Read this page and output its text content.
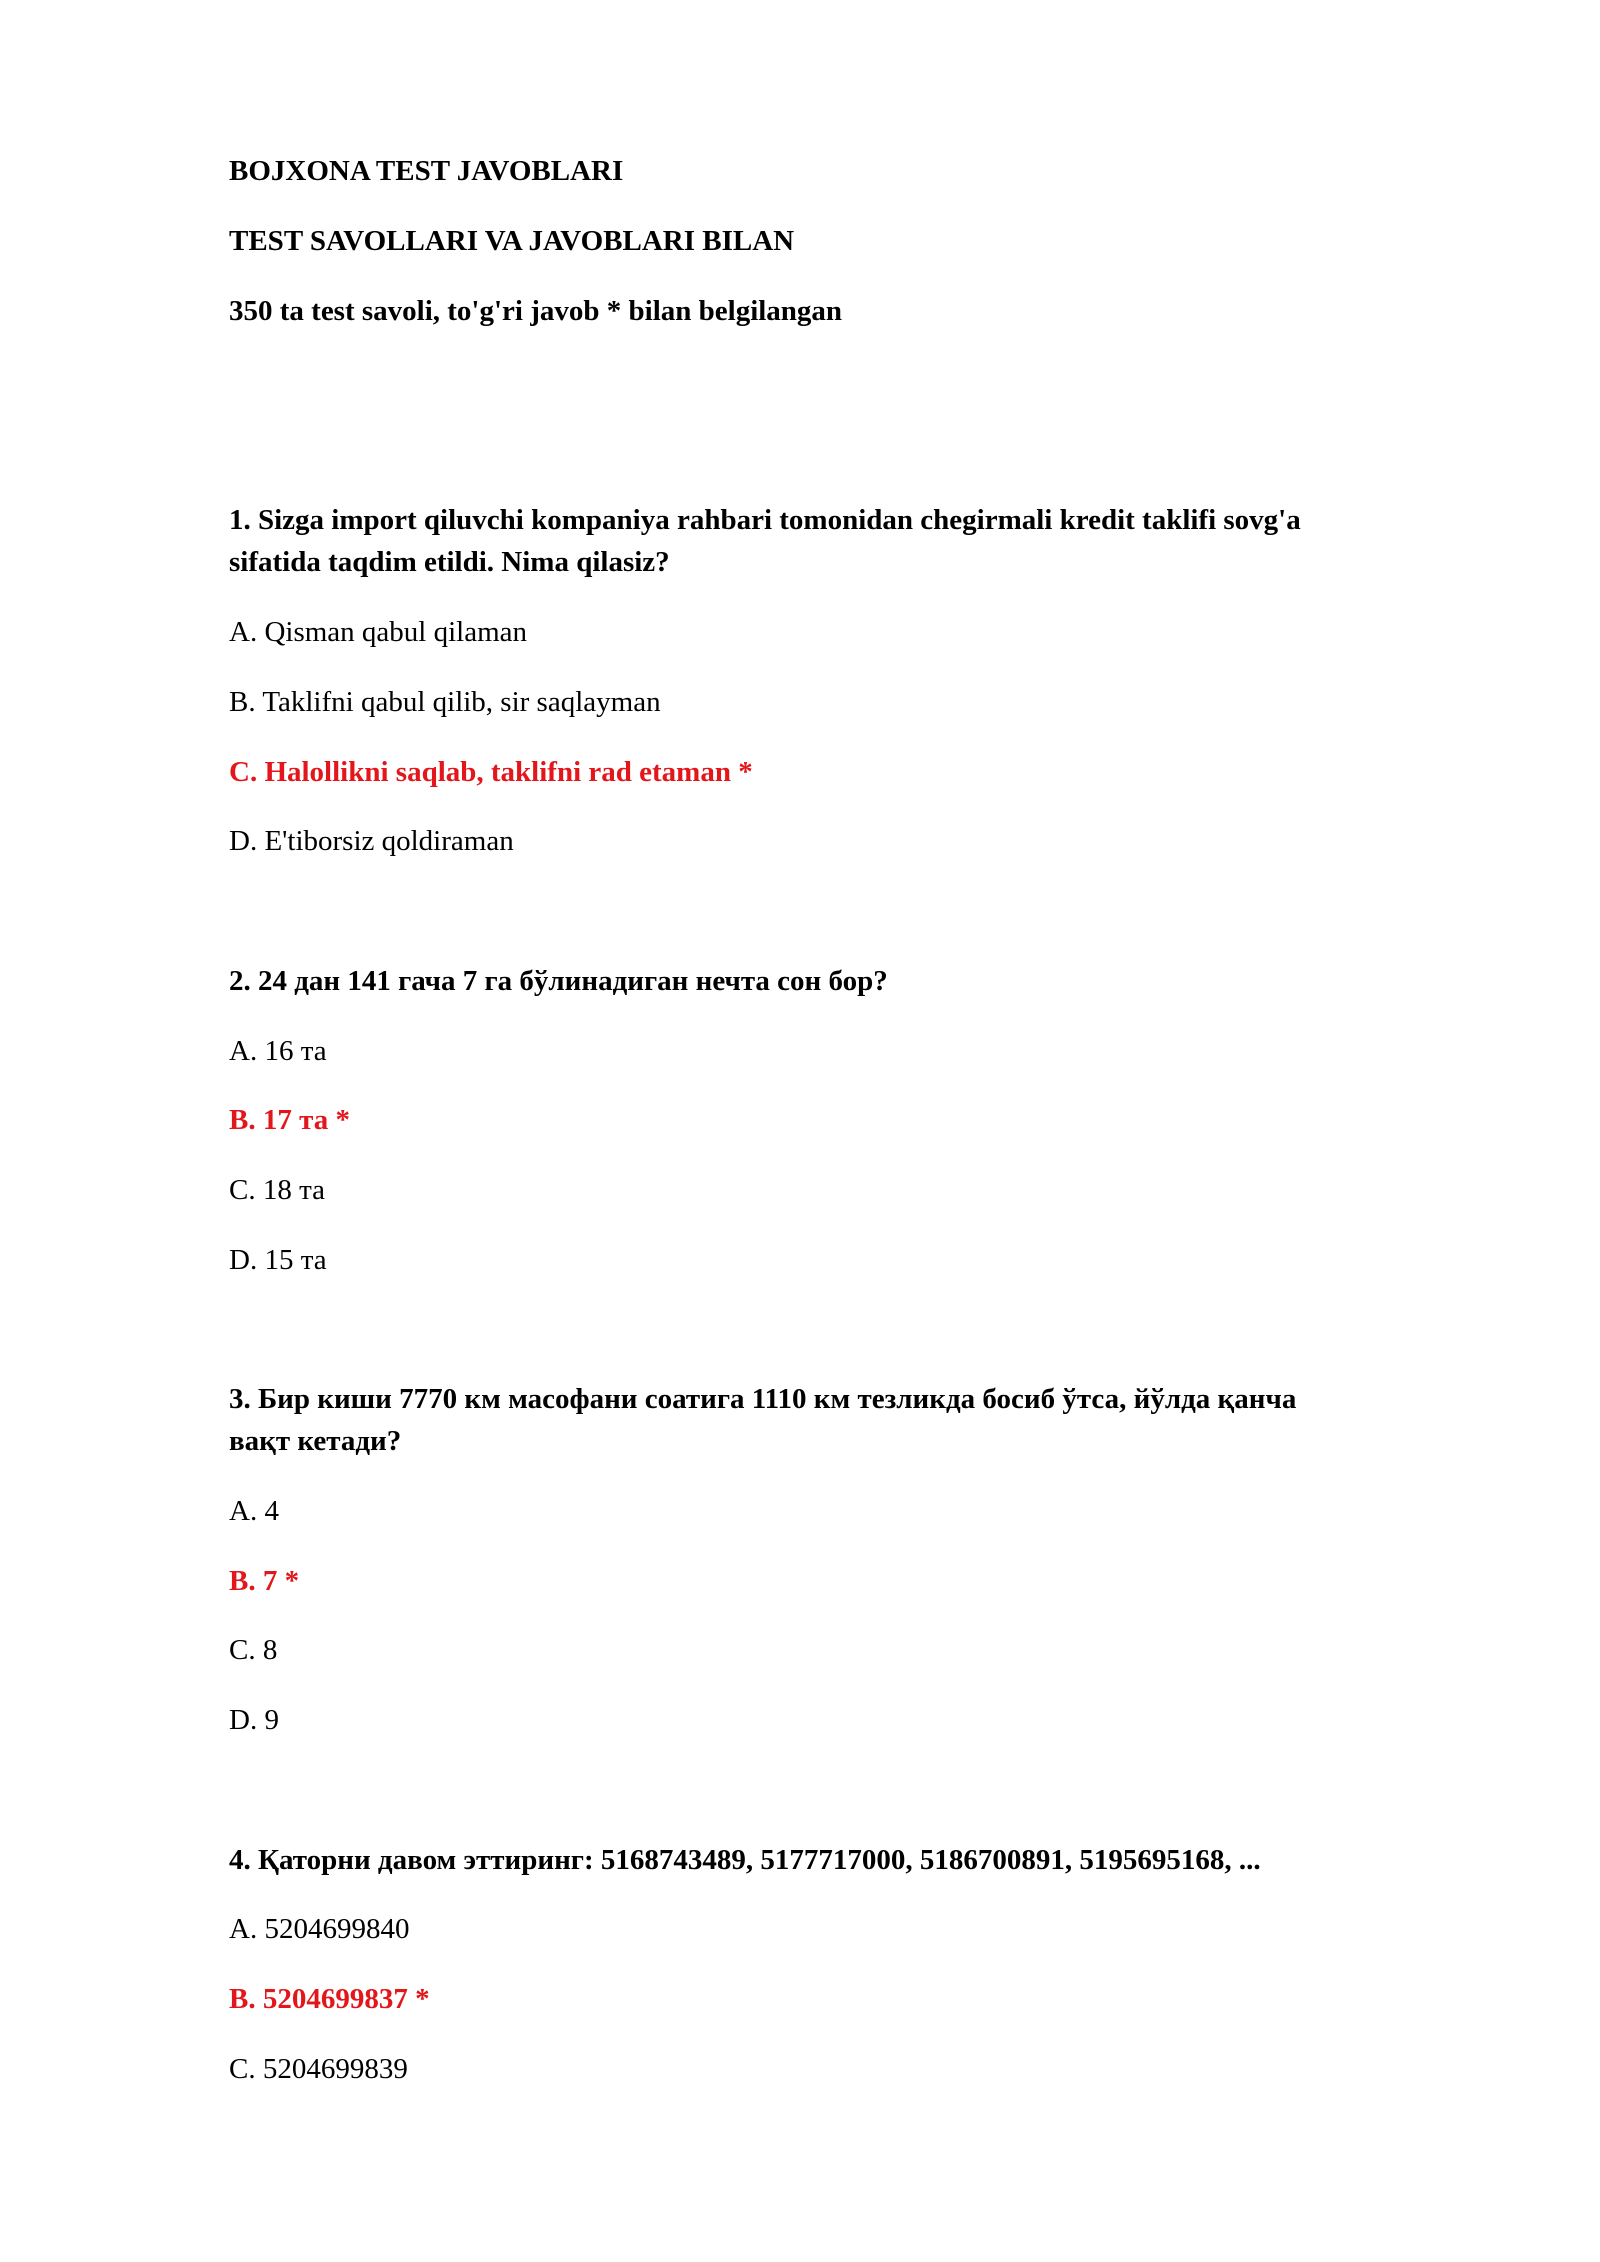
BOJXONA TEST JAVOBLARI
TEST SAVOLLARI VA JAVOBLARI BILAN
350 ta test savoli, to'g'ri javob * bilan belgilangan
1. Sizga import qiluvchi kompaniya rahbari tomonidan chegirmali kredit taklifi sovg'a
sifatida taqdim etildi. Nima qilasiz?
A. Qisman qabul qilaman
B. Taklifni qabul qilib, sir saqlayman
C. Halollikni saqlab, taklifni rad etaman *
D. E'tiborsiz qoldiraman
2. 24 дан 141 гача 7 га бўлинадиган нечта сон бор?
A. 16 та
B. 17 та *
C. 18 та
D. 15 та
3. Бир киши 7770 км масофани соатига 1110 км тезликда босиб ўтса, йўлда қанча
вақт кетади?
A. 4
B. 7 *
C. 8
D. 9
4. Қаторни давом эттиринг: 5168743489, 5177717000, 5186700891, 5195695168, ...
A. 5204699840
B. 5204699837 *
C. 5204699839
